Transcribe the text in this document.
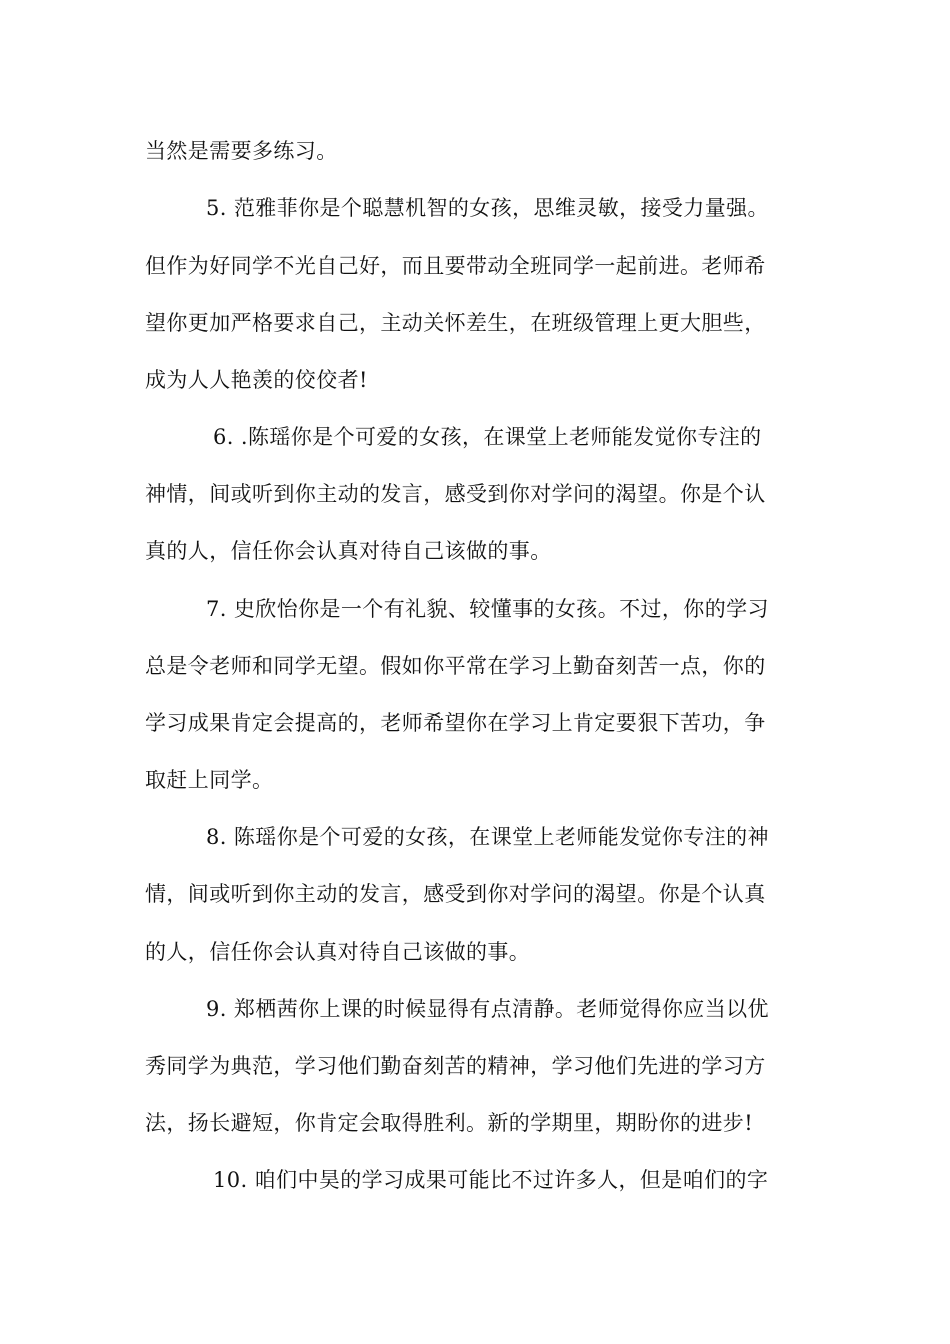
当然是需要多练习。
5. 范雅菲你是个聪慧机智的女孩，思维灵敏，接受力量强。
但作为好同学不光自己好，而且要带动全班同学一起前进。老师希
望你更加严格要求自己，主动关怀差生，在班级管理上更大胆些，
成为人人艳羡的佼佼者!
6. .陈瑶你是个可爱的女孩，在课堂上老师能发觉你专注的
神情，间或听到你主动的发言，感受到你对学问的渴望。你是个认
真的人，信任你会认真对待自己该做的事。
7. 史欣怡你是一个有礼貌、较懂事的女孩。不过，你的学习
总是令老师和同学无望。假如你平常在学习上勤奋刻苦一点，你的
学习成果肯定会提高的，老师希望你在学习上肯定要狠下苦功，争
取赶上同学。
8. 陈瑶你是个可爱的女孩，在课堂上老师能发觉你专注的神
情，间或听到你主动的发言，感受到你对学问的渴望。你是个认真
的人，信任你会认真对待自己该做的事。
9. 郑栖茜你上课的时候显得有点清静。老师觉得你应当以优
秀同学为典范，学习他们勤奋刻苦的精神，学习他们先进的学习方
法，扬长避短，你肯定会取得胜利。新的学期里，期盼你的进步!
10. 咱们中昊的学习成果可能比不过许多人，但是咱们的字
